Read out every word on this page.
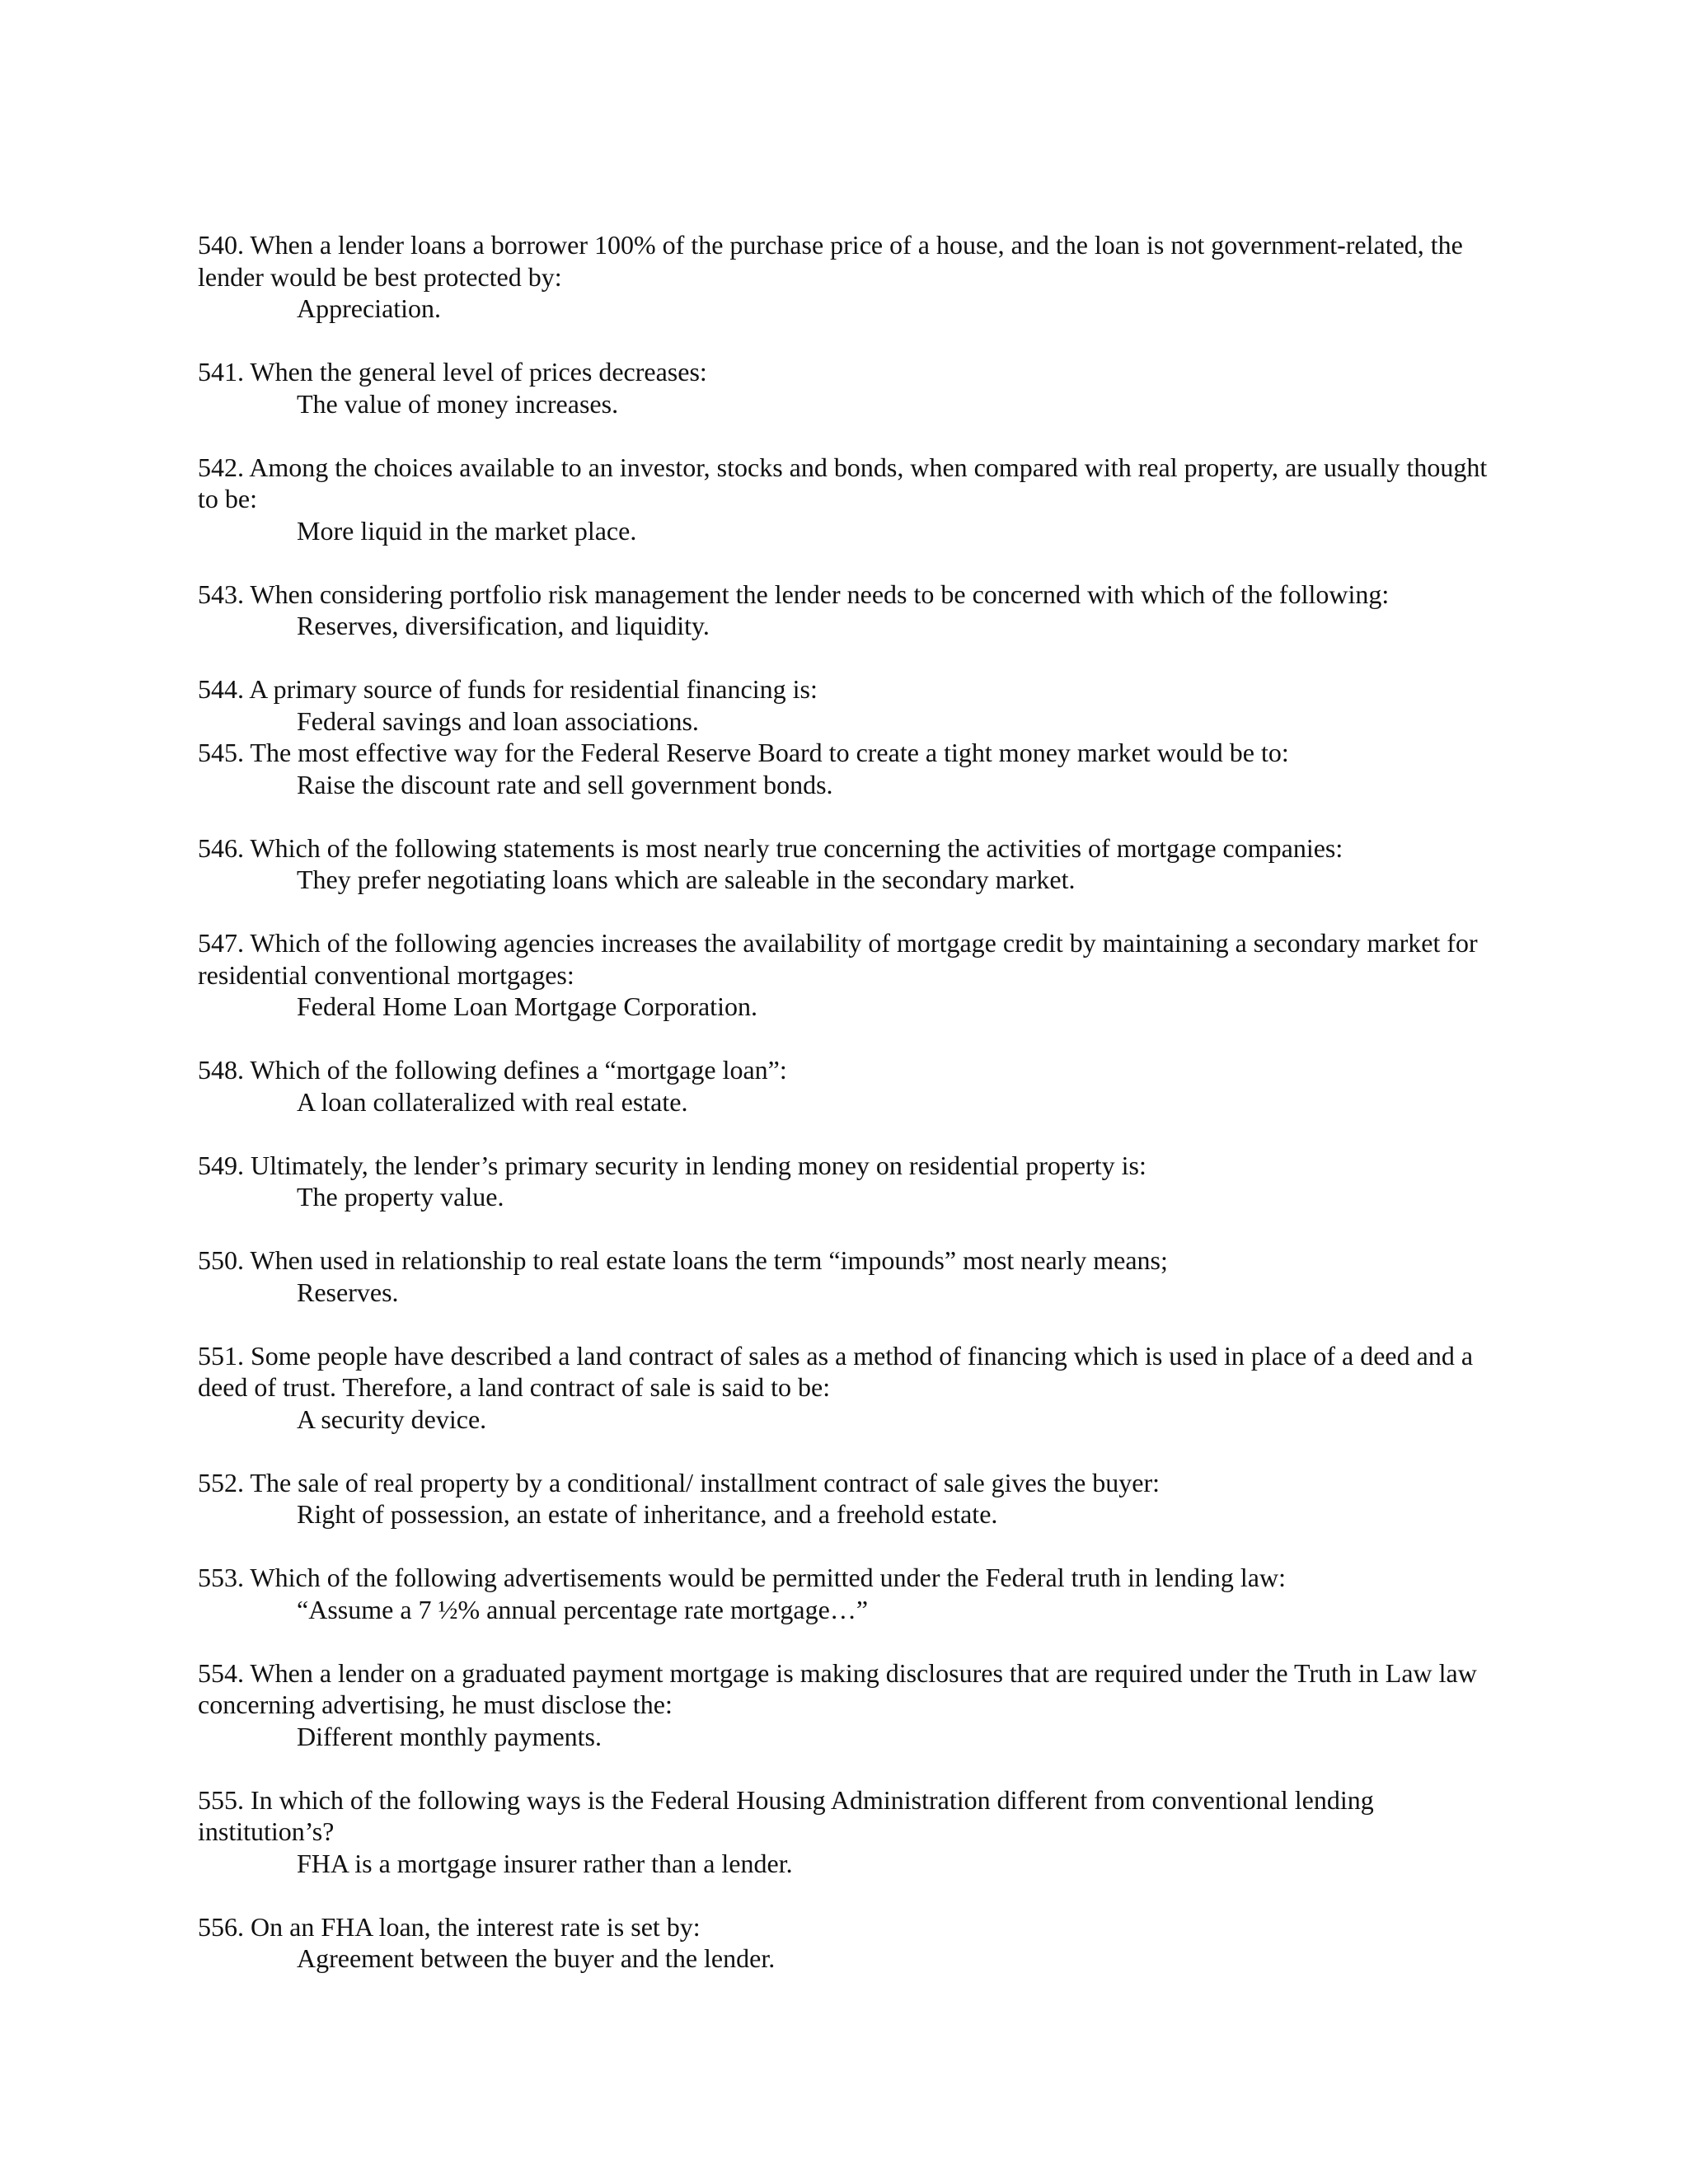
540. When a lender loans a borrower 100% of the purchase price of a house, and the loan is not government-related, the lender would be best protected by:

Appreciation.

541. When the general level of prices decreases:

The value of money increases.

542. Among the choices available to an investor, stocks and bonds, when compared with real property, are usually thought to be:

More liquid in the market place.

543. When considering portfolio risk management the lender needs to be concerned with which of the following:

Reserves, diversification, and liquidity.

544. A primary source of funds for residential financing is:

Federal savings and loan associations.

545. The most effective way for the Federal Reserve Board to create a tight money market would be to:

Raise the discount rate and sell government bonds.

546. Which of the following statements is most nearly true concerning the activities of mortgage companies:

They prefer negotiating loans which are saleable in the secondary market.

547. Which of the following agencies increases the availability of mortgage credit by maintaining a secondary market for residential conventional mortgages:

Federal Home Loan Mortgage Corporation.

548. Which of the following defines a “mortgage loan”:

A loan collateralized with real estate.

549. Ultimately, the lender’s primary security in lending money on residential property is:

The property value.

550. When used in relationship to real estate loans the term “impounds” most nearly means;

Reserves.

551. Some people have described a land contract of sales as a method of financing which is used in place of a deed and a deed of trust. Therefore, a land contract of sale is said to be:

A security device.

552. The sale of real property by a conditional/ installment contract of sale gives the buyer:

Right of possession, an estate of inheritance, and a freehold estate.

553. Which of the following advertisements would be permitted under the Federal truth in lending law:

“Assume a 7 ½% annual percentage rate mortgage…”

554. When a lender on a graduated payment mortgage is making disclosures that are required under the Truth in Law law concerning advertising, he must disclose the:

Different monthly payments.

555. In which of the following ways is the Federal Housing Administration different from conventional lending institution’s?

FHA is a mortgage insurer rather than a lender.

556. On an FHA loan, the interest rate is set by:

Agreement between the buyer and the lender.
